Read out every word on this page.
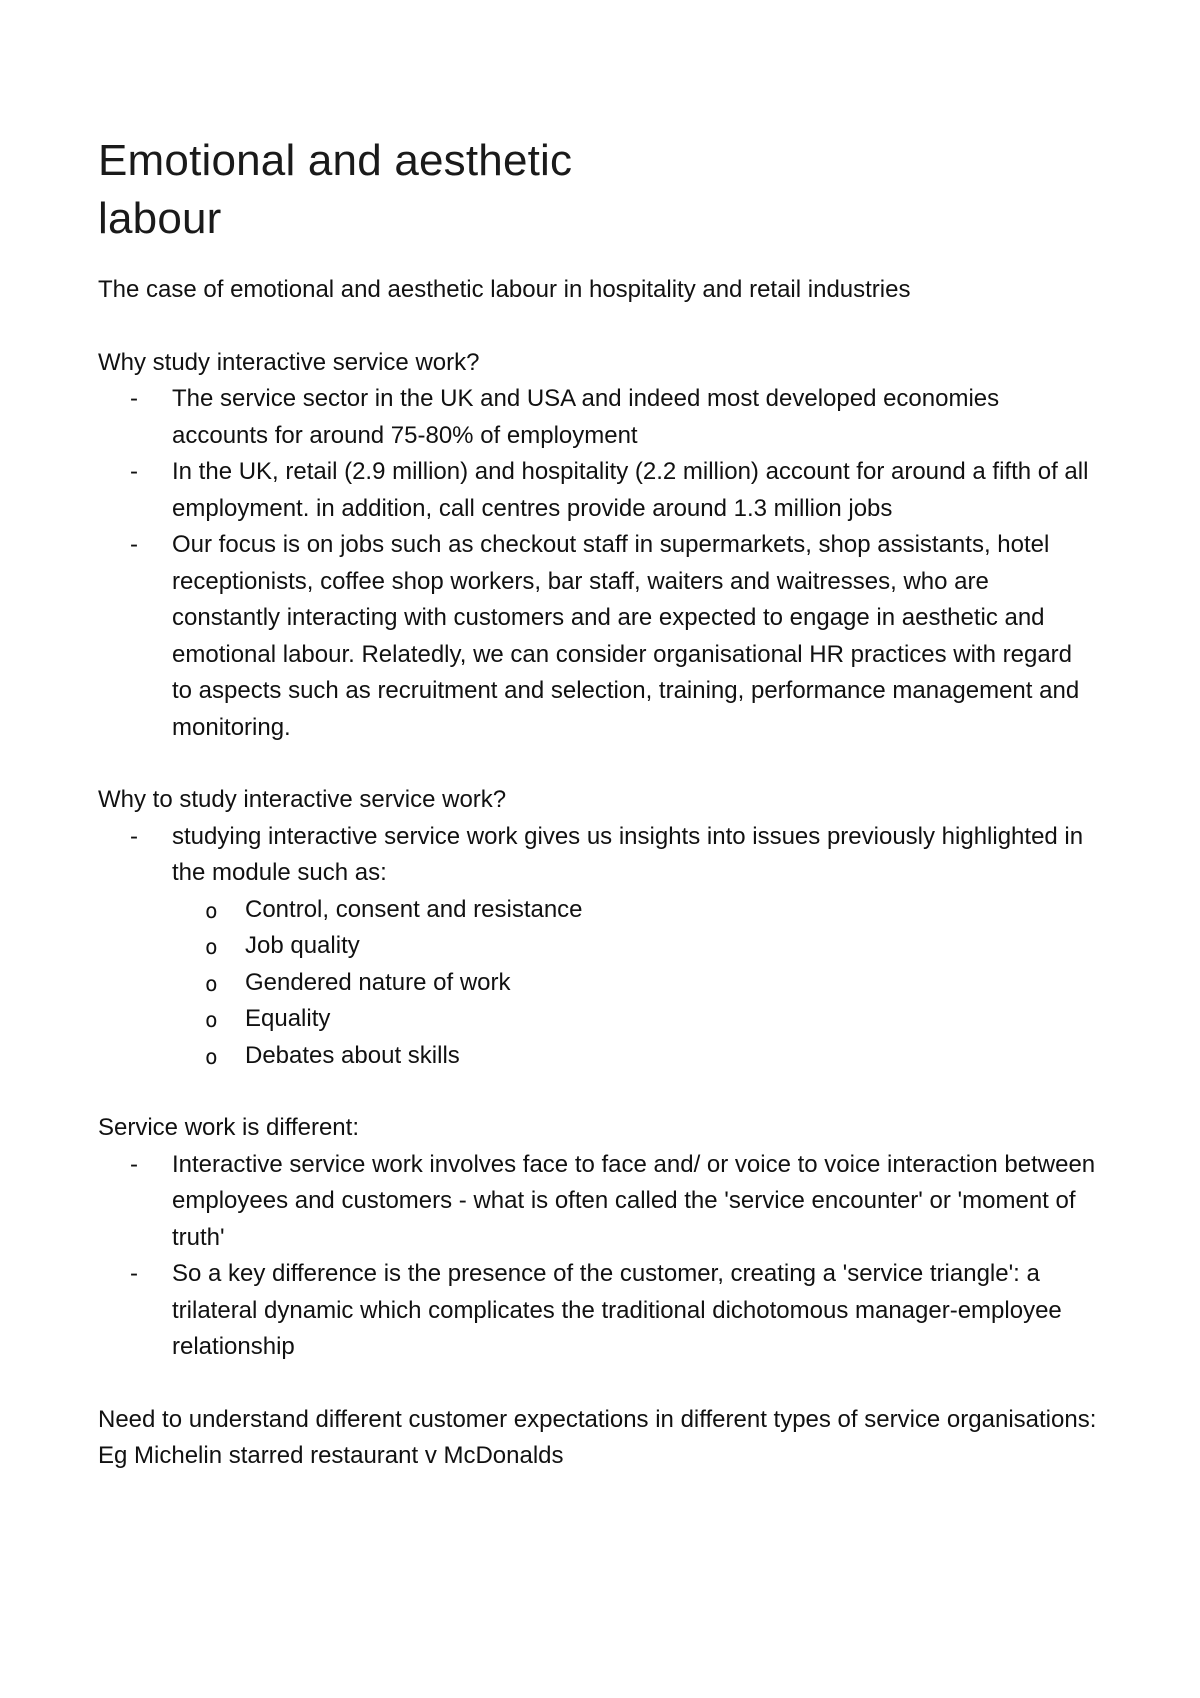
Emotional and aesthetic
labour

The case of emotional and aesthetic labour in hospitality and retail industries

Why study interactive service work?

- The service sector in the UK and USA and indeed most developed economies accounts for around 75-80% of employment
- In the UK, retail (2.9 million) and hospitality (2.2 million) account for around a fifth of all employment. in addition, call centres provide around 1.3 million jobs
- Our focus is on jobs such as checkout staff in supermarkets, shop assistants, hotel receptionists, coffee shop workers, bar staff, waiters and waitresses, who are constantly interacting with customers and are expected to engage in aesthetic and emotional labour. Relatedly, we can consider organisational HR practices with regard to aspects such as recruitment and selection, training, performance management and monitoring.

Why to study interactive service work?

- studying interactive service work gives us insights into issues previously highlighted in the module such as:
o Control, consent and resistance
o Job quality
o Gendered nature of work
o Equality
o Debates about skills

Service work is different:

- Interactive service work involves face to face and/ or voice to voice interaction between employees and customers - what is often called the 'service encounter' or 'moment of truth'
- So a key difference is the presence of the customer, creating a 'service triangle': a trilateral dynamic which complicates the traditional dichotomous manager-employee relationship

Need to understand different customer expectations in different types of service organisations:

Eg Michelin starred restaurant v McDonalds
